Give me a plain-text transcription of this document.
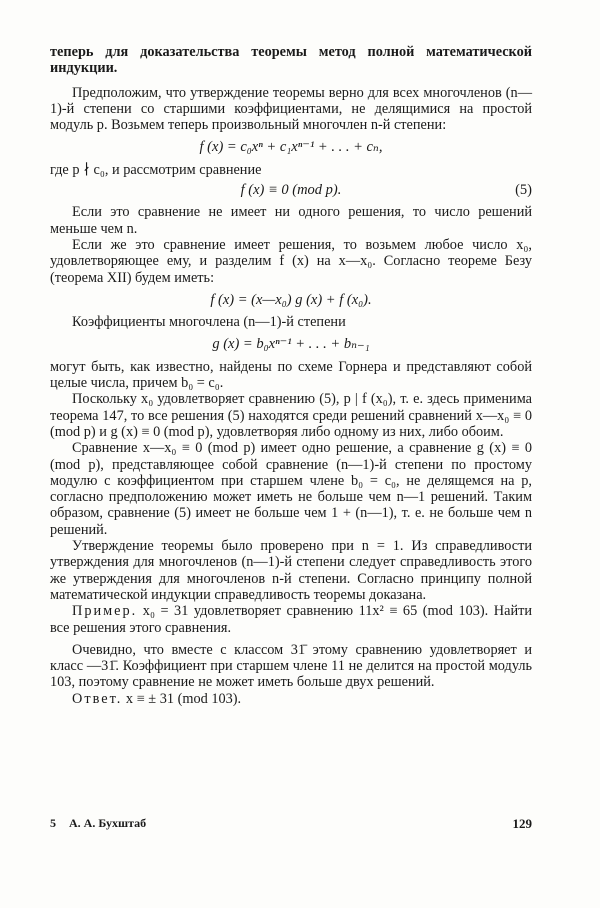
теперь для доказательства теоремы метод полной математической индукции.

Предположим, что утверждение теоремы верно для всех многочленов (n—1)-й степени со старшими коэффициентами, не делящимися на простой модуль p. Возьмем теперь произвольный многочлен n-й степени:

f (x) = c₀xⁿ + c₁xⁿ⁻¹ + . . . + cₙ,

где p ∤ c₀, и рассмотрим сравнение

f (x) ≡ 0 (mod p).	(5)

Если это сравнение не имеет ни одного решения, то число решений меньше чем n.

Если же это сравнение имеет решения, то возьмем любое число x₀, удовлетворяющее ему, и разделим f (x) на x—x₀. Согласно теореме Безу (теорема XII) будем иметь:

f (x) = (x—x₀) g (x) + f (x₀).

Коэффициенты многочлена (n—1)-й степени

g (x) = b₀xⁿ⁻¹ + . . . + bₙ₋₁

могут быть, как известно, найдены по схеме Горнера и представляют собой целые числа, причем b₀ = c₀.

Поскольку x₀ удовлетворяет сравнению (5), p | f (x₀), т. е. здесь применима теорема 147, то все решения (5) находятся среди решений сравнений x—x₀ ≡ 0 (mod p) и g (x) ≡ 0 (mod p), удовлетворяя либо одному из них, либо обоим.

Сравнение x—x₀ ≡ 0 (mod p) имеет одно решение, а сравнение g (x) ≡ 0 (mod p), представляющее собой сравнение (n—1)-й степени по простому модулю с коэффициентом при старшем члене b₀ = c₀, не делящемся на p, согласно предположению может иметь не больше чем n—1 решений. Таким образом, сравнение (5) имеет не больше чем 1 + (n—1), т. е. не больше чем n решений.

Утверждение теоремы было проверено при n = 1. Из справедливости утверждения для многочленов (n—1)-й степени следует справедливость этого же утверждения для многочленов n-й степени. Согласно принципу полной математической индукции справедливость теоремы доказана.

Пример. x₀ = 31 удовлетворяет сравнению 11x² ≡ 65 (mod 103). Найти все решения этого сравнения.

Очевидно, что вместе с классом 31̄ этому сравнению удовлетворяет и класс —31̄. Коэффициент при старшем члене 11 не делится на простой модуль 103, поэтому сравнение не может иметь больше двух решений.

Ответ. x ≡ ± 31 (mod 103).

5 А. А. Бухштаб	129
